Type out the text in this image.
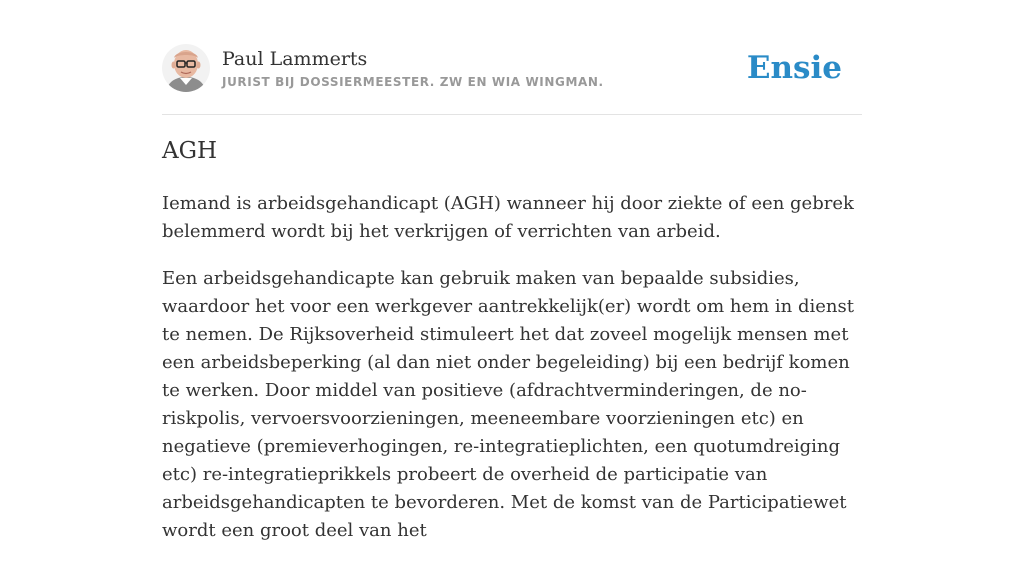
Paul Lammerts
JURIST BIJ DOSSIERMEESTER. ZW EN WIA WINGMAN.	Ensie
AGH

Iemand is arbeidsgehandicapt (AGH) wanneer hij door ziekte of een gebrek belemmerd wordt bij het verkrijgen of verrichten van arbeid.

Een arbeidsgehandicapte kan gebruik maken van bepaalde subsidies, waardoor het voor een werkgever aantrekkelijk(er) wordt om hem in dienst te nemen. De Rijksoverheid stimuleert het dat zoveel mogelijk mensen met een arbeidsbeperking (al dan niet onder begeleiding) bij een bedrijf komen te werken. Door middel van positieve (afdrachtverminderingen, de no-riskpolis, vervoersvoorzieningen, meeneembare voorzieningen etc) en negatieve (premieverhogingen, re-integratieplichten, een quotumdreiging etc) re-integratieprikkels probeert de overheid de participatie van arbeidsgehandicapten te bevorderen. Met de komst van de Participatiewet wordt een groot deel van het
